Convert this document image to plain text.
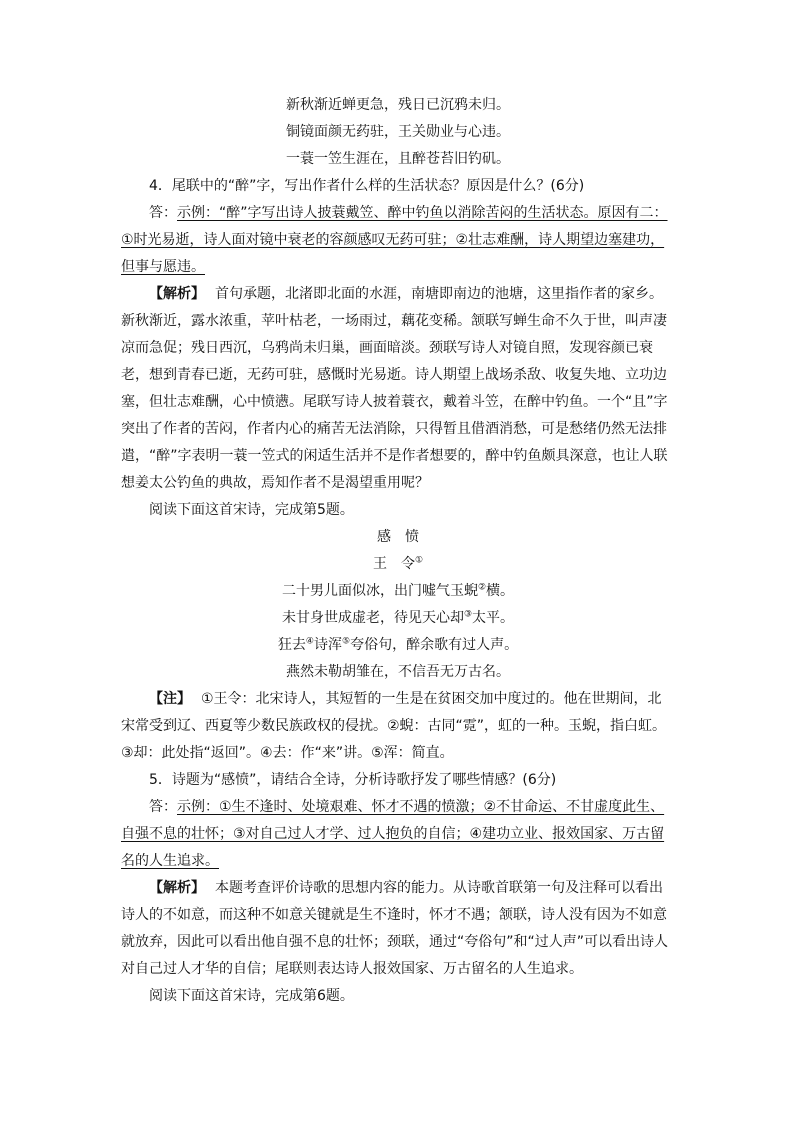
新秋渐近蝉更急，残日已沉鸦未归。
铜镜面颜无药驻，王关勋业与心违。
一蓑一笠生涯在，且醉苍苔旧钓矶。

4．尾联中的“醉”字，写出作者什么样的生活状态？原因是什么？(6分)

答：示例：“醉”字写出诗人披蓑戴笠、醉中钓鱼以消除苦闷的生活状态。原因有二：①时光易逝，诗人面对镜中衰老的容颜感叹无药可驻；②壮志难酬，诗人期望边塞建功，但事与愿违。

【解析】 首句承题，北渚即北面的水涯，南塘即南边的池塘，这里指作者的家乡。新秋渐近，露水浓重，苹叶枯老，一场雨过，藕花变稀。颔联写蝉生命不久于世，叫声凄凉而急促；残日西沉，乌鸦尚未归巢，画面暗淡。颈联写诗人对镜自照，发现容颜已衰老，想到青春已逝，无药可驻，感慨时光易逝。诗人期望上战场杀敌、收复失地、立功边塞，但壮志难酬，心中愤懑。尾联写诗人披着蓑衣，戴着斗笠，在醉中钓鱼。一个“且”字突出了作者的苦闷，作者内心的痛苦无法消除，只得暂且借酒消愁，可是愁绪仍然无法排遣，“醉”字表明一蓑一笠式的闲适生活并不是作者想要的，醉中钓鱼颇具深意，也让人联想姜太公钓鱼的典故，焉知作者不是渴望重用呢？

阅读下面这首宋诗，完成第5题。

感　愤
王　令①
二十男儿面似冰，出门嘘气玉蜺②横。
未甘身世成虚老，待见天心却③太平。
狂去④诗浑⑤夸俗句，醉余歌有过人声。
燕然未勒胡雏在，不信吾无万古名。

【注】 ①王令：北宋诗人，其短暂的一生是在贫困交加中度过的。他在世期间，北宋常受到辽、西夏等少数民族政权的侵扰。②蜺：古同“霓”，虹的一种。玉蜺，指白虹。③却：此处指“返回”。④去：作“来”讲。⑤浑：简直。

5．诗题为“感愤”，请结合全诗，分析诗歌抒发了哪些情感？(6分)

答：示例：①生不逢时、处境艰难、怀才不遇的愤激；②不甘命运、不甘虚度此生、自强不息的壮怀；③对自己过人才学、过人抱负的自信；④建功立业、报效国家、万古留名的人生追求。

【解析】 本题考查评价诗歌的思想内容的能力。从诗歌首联第一句及注释可以看出诗人的不如意，而这种不如意关键就是生不逢时，怀才不遇；颔联，诗人没有因为不如意就放弃，因此可以看出他自强不息的壮怀；颈联，通过“夸俗句”和“过人声”可以看出诗人对自己过人才华的自信；尾联则表达诗人报效国家、万古留名的人生追求。

阅读下面这首宋诗，完成第6题。
